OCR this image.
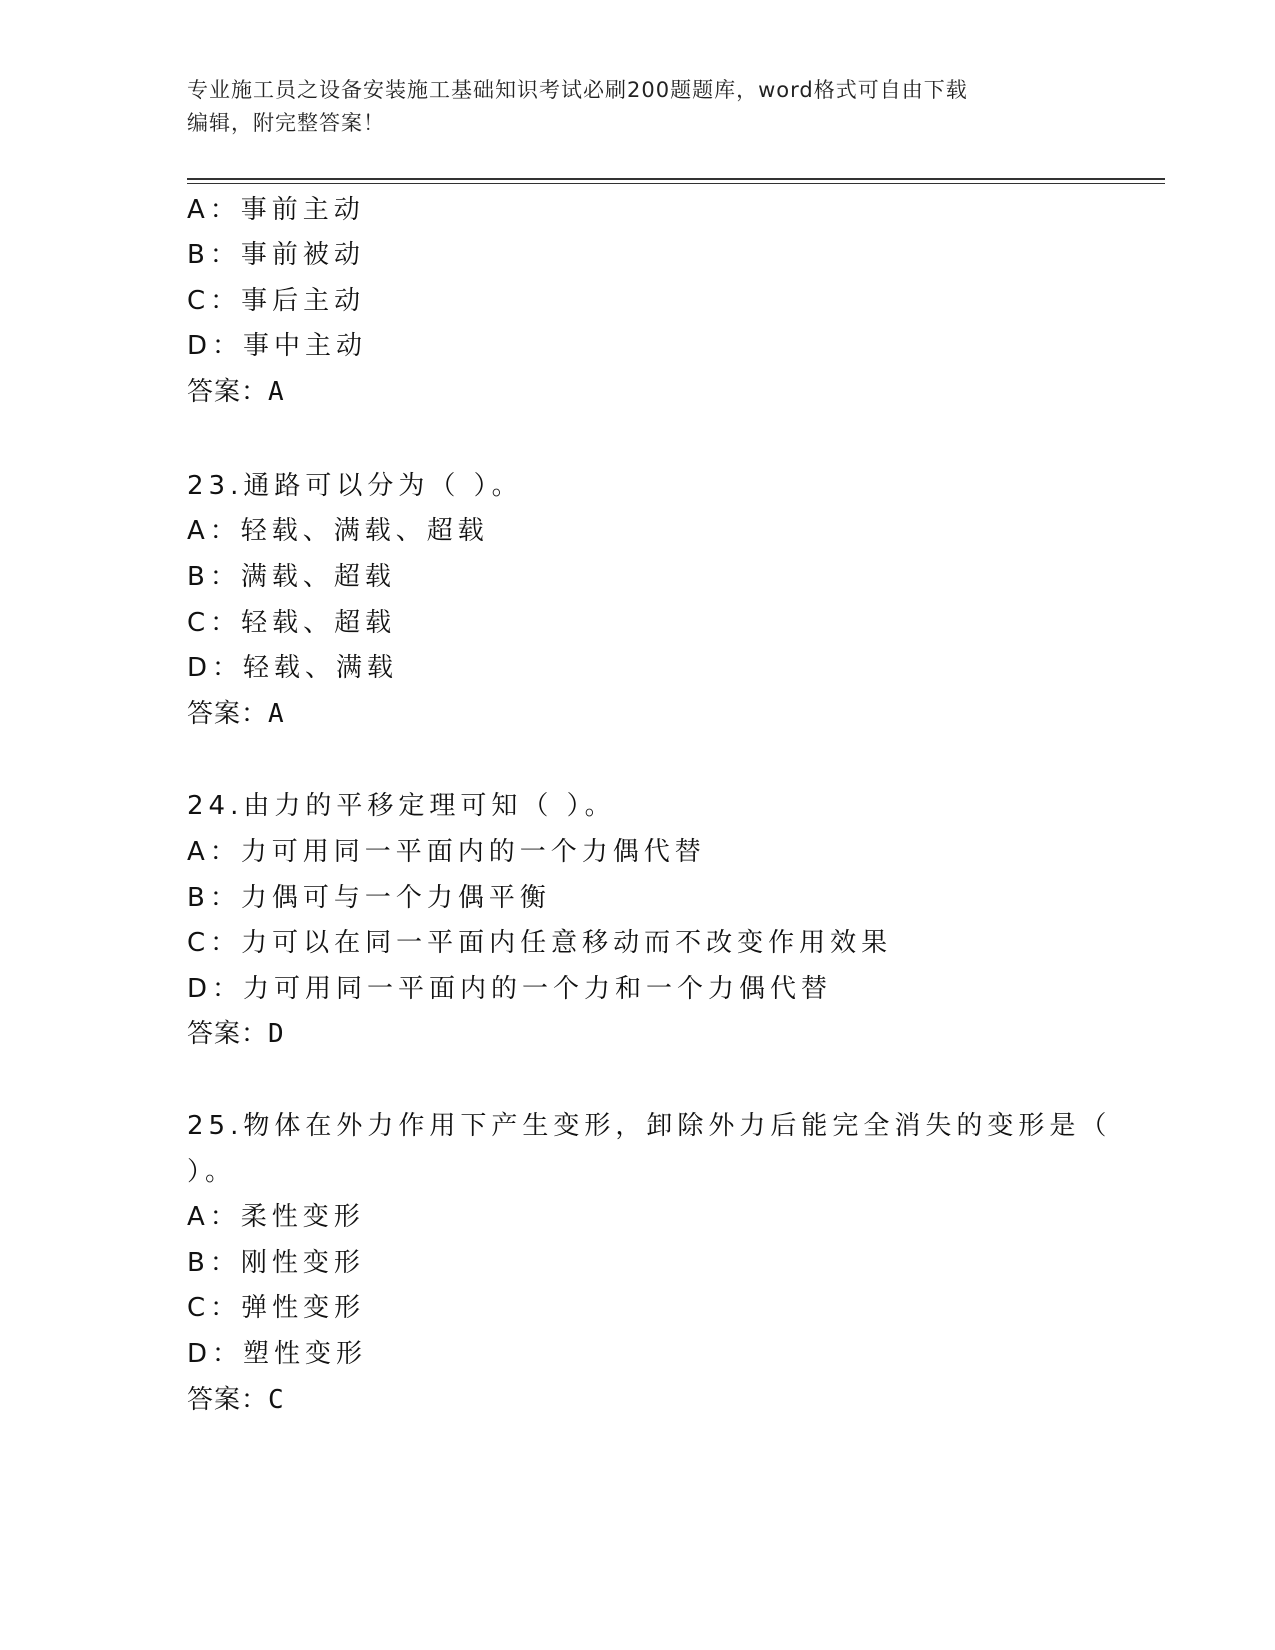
专业施工员之设备安装施工基础知识考试必刷200题题库，word格式可自由下载
编辑，附完整答案！
A：事前主动
B：事前被动
C：事后主动
D：事中主动
答案：A
23.通路可以分为（ ）。
A：轻载、满载、超载
B：满载、超载
C：轻载、超载
D：轻载、满载
答案：A
24.由力的平移定理可知（ ）。
A：力可用同一平面内的一个力偶代替
B：力偶可与一个力偶平衡
C：力可以在同一平面内任意移动而不改变作用效果
D：力可用同一平面内的一个力和一个力偶代替
答案：D
25.物体在外力作用下产生变形，卸除外力后能完全消失的变形是（
）。
A：柔性变形
B：刚性变形
C：弹性变形
D：塑性变形
答案：C
